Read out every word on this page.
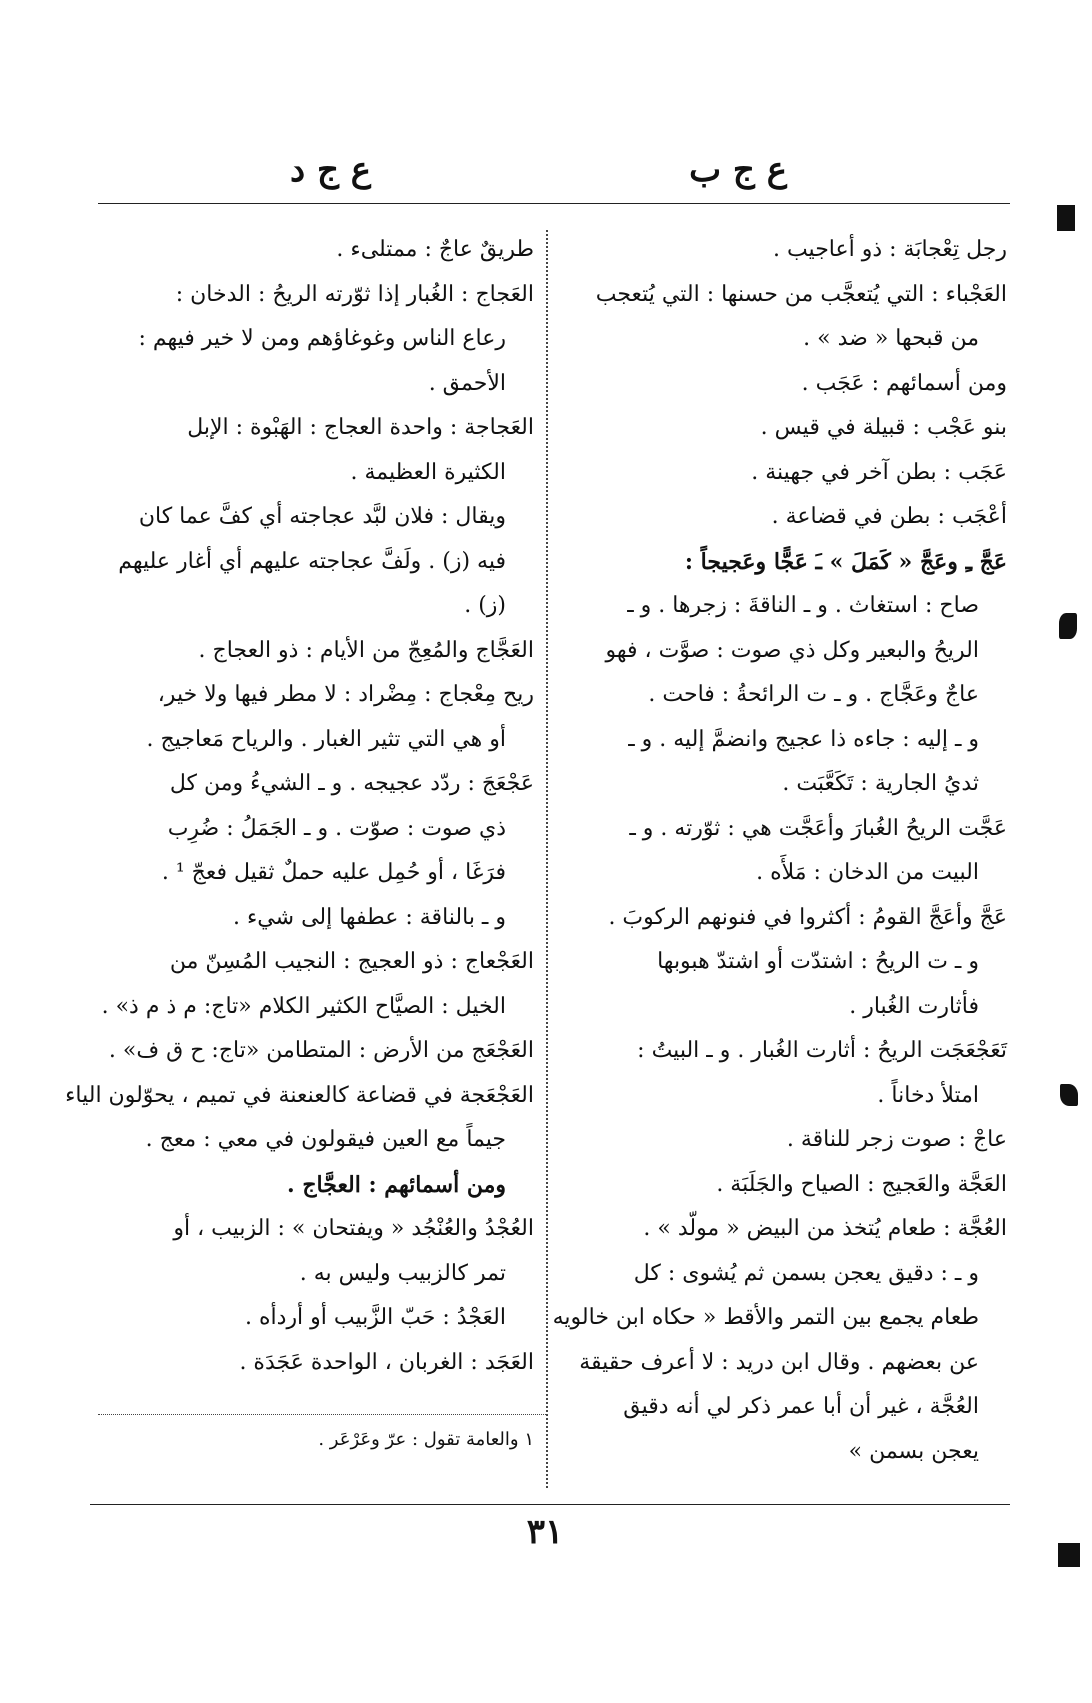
ع ج ب
ع ج د

رجل تِعْجابَة : ذو أعاجيب .

العَجْباء : التي يُتعجَّب من حسنها : التي يُتعجب

من قبحها « ضد » .

ومن أسمائهم : عَجَب .

بنو عَجْب : قبيلة في قيس .

عَجَب : بطن آخر في جهينة .

أعْجَب : بطن في قضاعة .

عَجَّ ـِ وعَجَّ « كَمَلَ » ـَ عَجًّا وعَجيجاً :

صاح : استغاث . و ـ الناقةَ : زجرها . و ـ

الريحُ والبعير وكل ذي صوت : صوَّت ، فهو

عاجٌ وعَجَّاج . و ـ ت الرائحةُ : فاحت .

و ـ إليه : جاءه ذا عجيج وانضمَّ إليه . و ـ

ثديُ الجارية : تَكَعَّبَت .

عَجَّت الريحُ الغُبارَ وأعَجَّت هي : ثوّرته . و ـ

البيت من الدخان : مَلأَه .

عَجَّ وأعَجَّ القومُ : أكثروا في فنونهم الركوبَ .

و ـ ت الريحُ : اشتدّت أو اشتدّ هبوبها

فأثارت الغُبار .

تَعَجْعَجَت الريحُ : أثارت الغُبار . و ـ البيتُ :

امتلأ دخاناً .

عاجْ : صوت زجر للناقة .

العَجَّة والعَجيج : الصياح والجَلَبَة .

العُجَّة : طعام يُتخذ من البيض « مولّد » .

و ـ : دقيق يعجن بسمن ثم يُشوى : كل

طعام يجمع بين التمر والأقط « حكاه ابن خالويه

عن بعضهم . وقال ابن دريد : لا أعرف حقيقة

العُجَّة ، غير أن أبا عمر ذكر لي أنه دقيق

يعجن بسمن »

طريقٌ عاجٌ : ممتلىء .

العَجاج : الغُبار إذا ثوّرته الريحُ : الدخان :

رعاع الناس وغوغاؤهم ومن لا خير فيهم :

الأحمق .

العَجاجة : واحدة العجاج : الهَبْوة : الإبل

الكثيرة العظيمة .

ويقال : فلان لبَّد عجاجته أي كفَّ عما كان

فيه (ز) . ولَفَّ عجاجته عليهم أي أغار عليهم

(ز) .

العَجَّاج والمُعِجّ من الأيام : ذو العجاج .

ريح مِعْجاج : مِضْراد : لا مطر فيها ولا خير،

أو هي التي تثير الغبار . والرياح مَعاجيج .

عَجْعَجَ : ردّد عجيجه . و ـ الشيءُ ومن كل

ذي صوت : صوّت . و ـ الجَمَلُ : ضُرِب

فرَغَا ، أو حُمِل عليه حملٌ ثقيل فعجّ ¹ .

و ـ بالناقة : عطفها إلى شيء .

العَجْعاج : ذو العجيج : النجيب المُسِنّ من

الخيل : الصيَّاح الكثير الكلام «تاج: م ذ م ذ» .

العَجْعَج من الأرض : المتطامن «تاج: ح ق ف» .

العَجْعَجة في قضاعة كالعنعنة في تميم ، يحوّلون الياء

جيماً مع العين فيقولون في معي : معج .

ومن أسمائهم : العجَّاج .

العُجْدُ والعُنْجُد « ويفتحان » : الزبيب ، أو

تمر كالزبيب وليس به .

العَجْدُ : حَبّ الزَّبيب أو أردأه .

العَجَد : الغربان ، الواحدة عَجَدَة .

١ والعامة تقول : عرّ وعَرْعَر .
٣١
